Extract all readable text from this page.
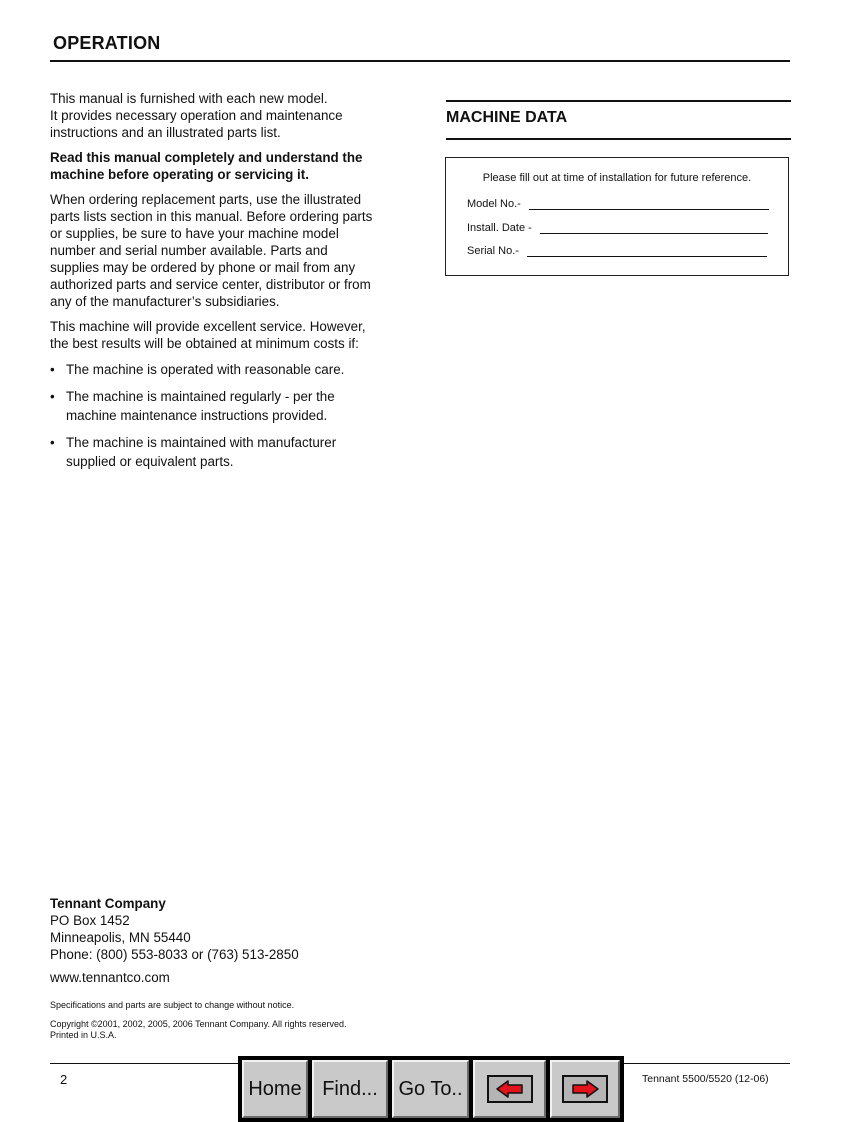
OPERATION

This manual is furnished with each new model.
It provides necessary operation and maintenance
instructions and an illustrated parts list.

Read this manual completely and understand the
machine before operating or servicing it.

When ordering replacement parts, use the illustrated
parts lists section in this manual. Before ordering parts
or supplies, be sure to have your machine model
number and serial number available. Parts and
supplies may be ordered by phone or mail from any
authorized parts and service center, distributor or from
any of the manufacturer’s subsidiaries.

This machine will provide excellent service. However,
the best results will be obtained at minimum costs if:

• The machine is operated with reasonable care.
• The machine is maintained regularly - per the
machine maintenance instructions provided.
• The machine is maintained with manufacturer
supplied or equivalent parts.
MACHINE DATA
Please fill out at time of installation for future reference.
Model No.-
Install. Date -
Serial No.-
Tennant Company
PO Box 1452
Minneapolis, MN 55440
Phone: (800) 553-8033 or (763) 513-2850
www.tennantco.com
Specifications and parts are subject to change without notice.
Copyright ©2001, 2002, 2005, 2006 Tennant Company. All rights reserved.
Printed in U.S.A.
2	Tennant 5500/5520 (12-06)
Home Find... Go To..
